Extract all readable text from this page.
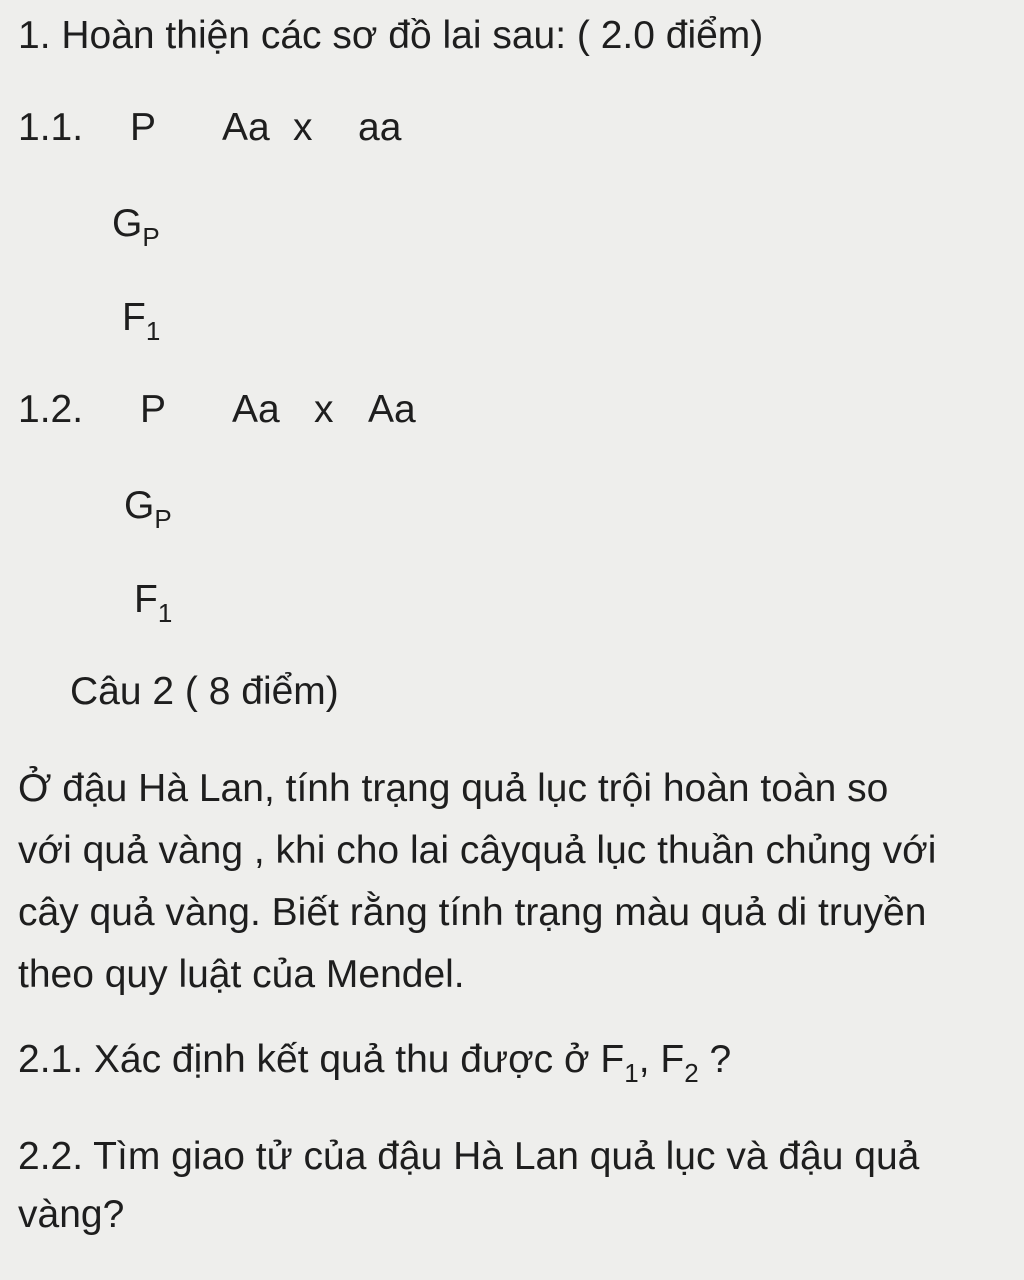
1. Hoàn thiện các sơ đồ lai sau: ( 2.0 điểm)
1.1. P Aa x aa
$G_P$
$F_1$
1.2. P Aa x Aa
$G_P$
$F_1$
Câu 2 ( 8 điểm)
Ở đậu Hà Lan, tính trạng quả lục trội hoàn toàn so
với quả vàng , khi cho lai câyquả lục thuần chủng với
cây quả vàng. Biết rằng tính trạng màu quả di truyền
theo quy luật của Mendel.
2.1. Xác định kết quả thu được ở $F_1$, $F_2$ ?
2.2. Tìm giao tử của đậu Hà Lan quả lục và đậu quả
vàng?
